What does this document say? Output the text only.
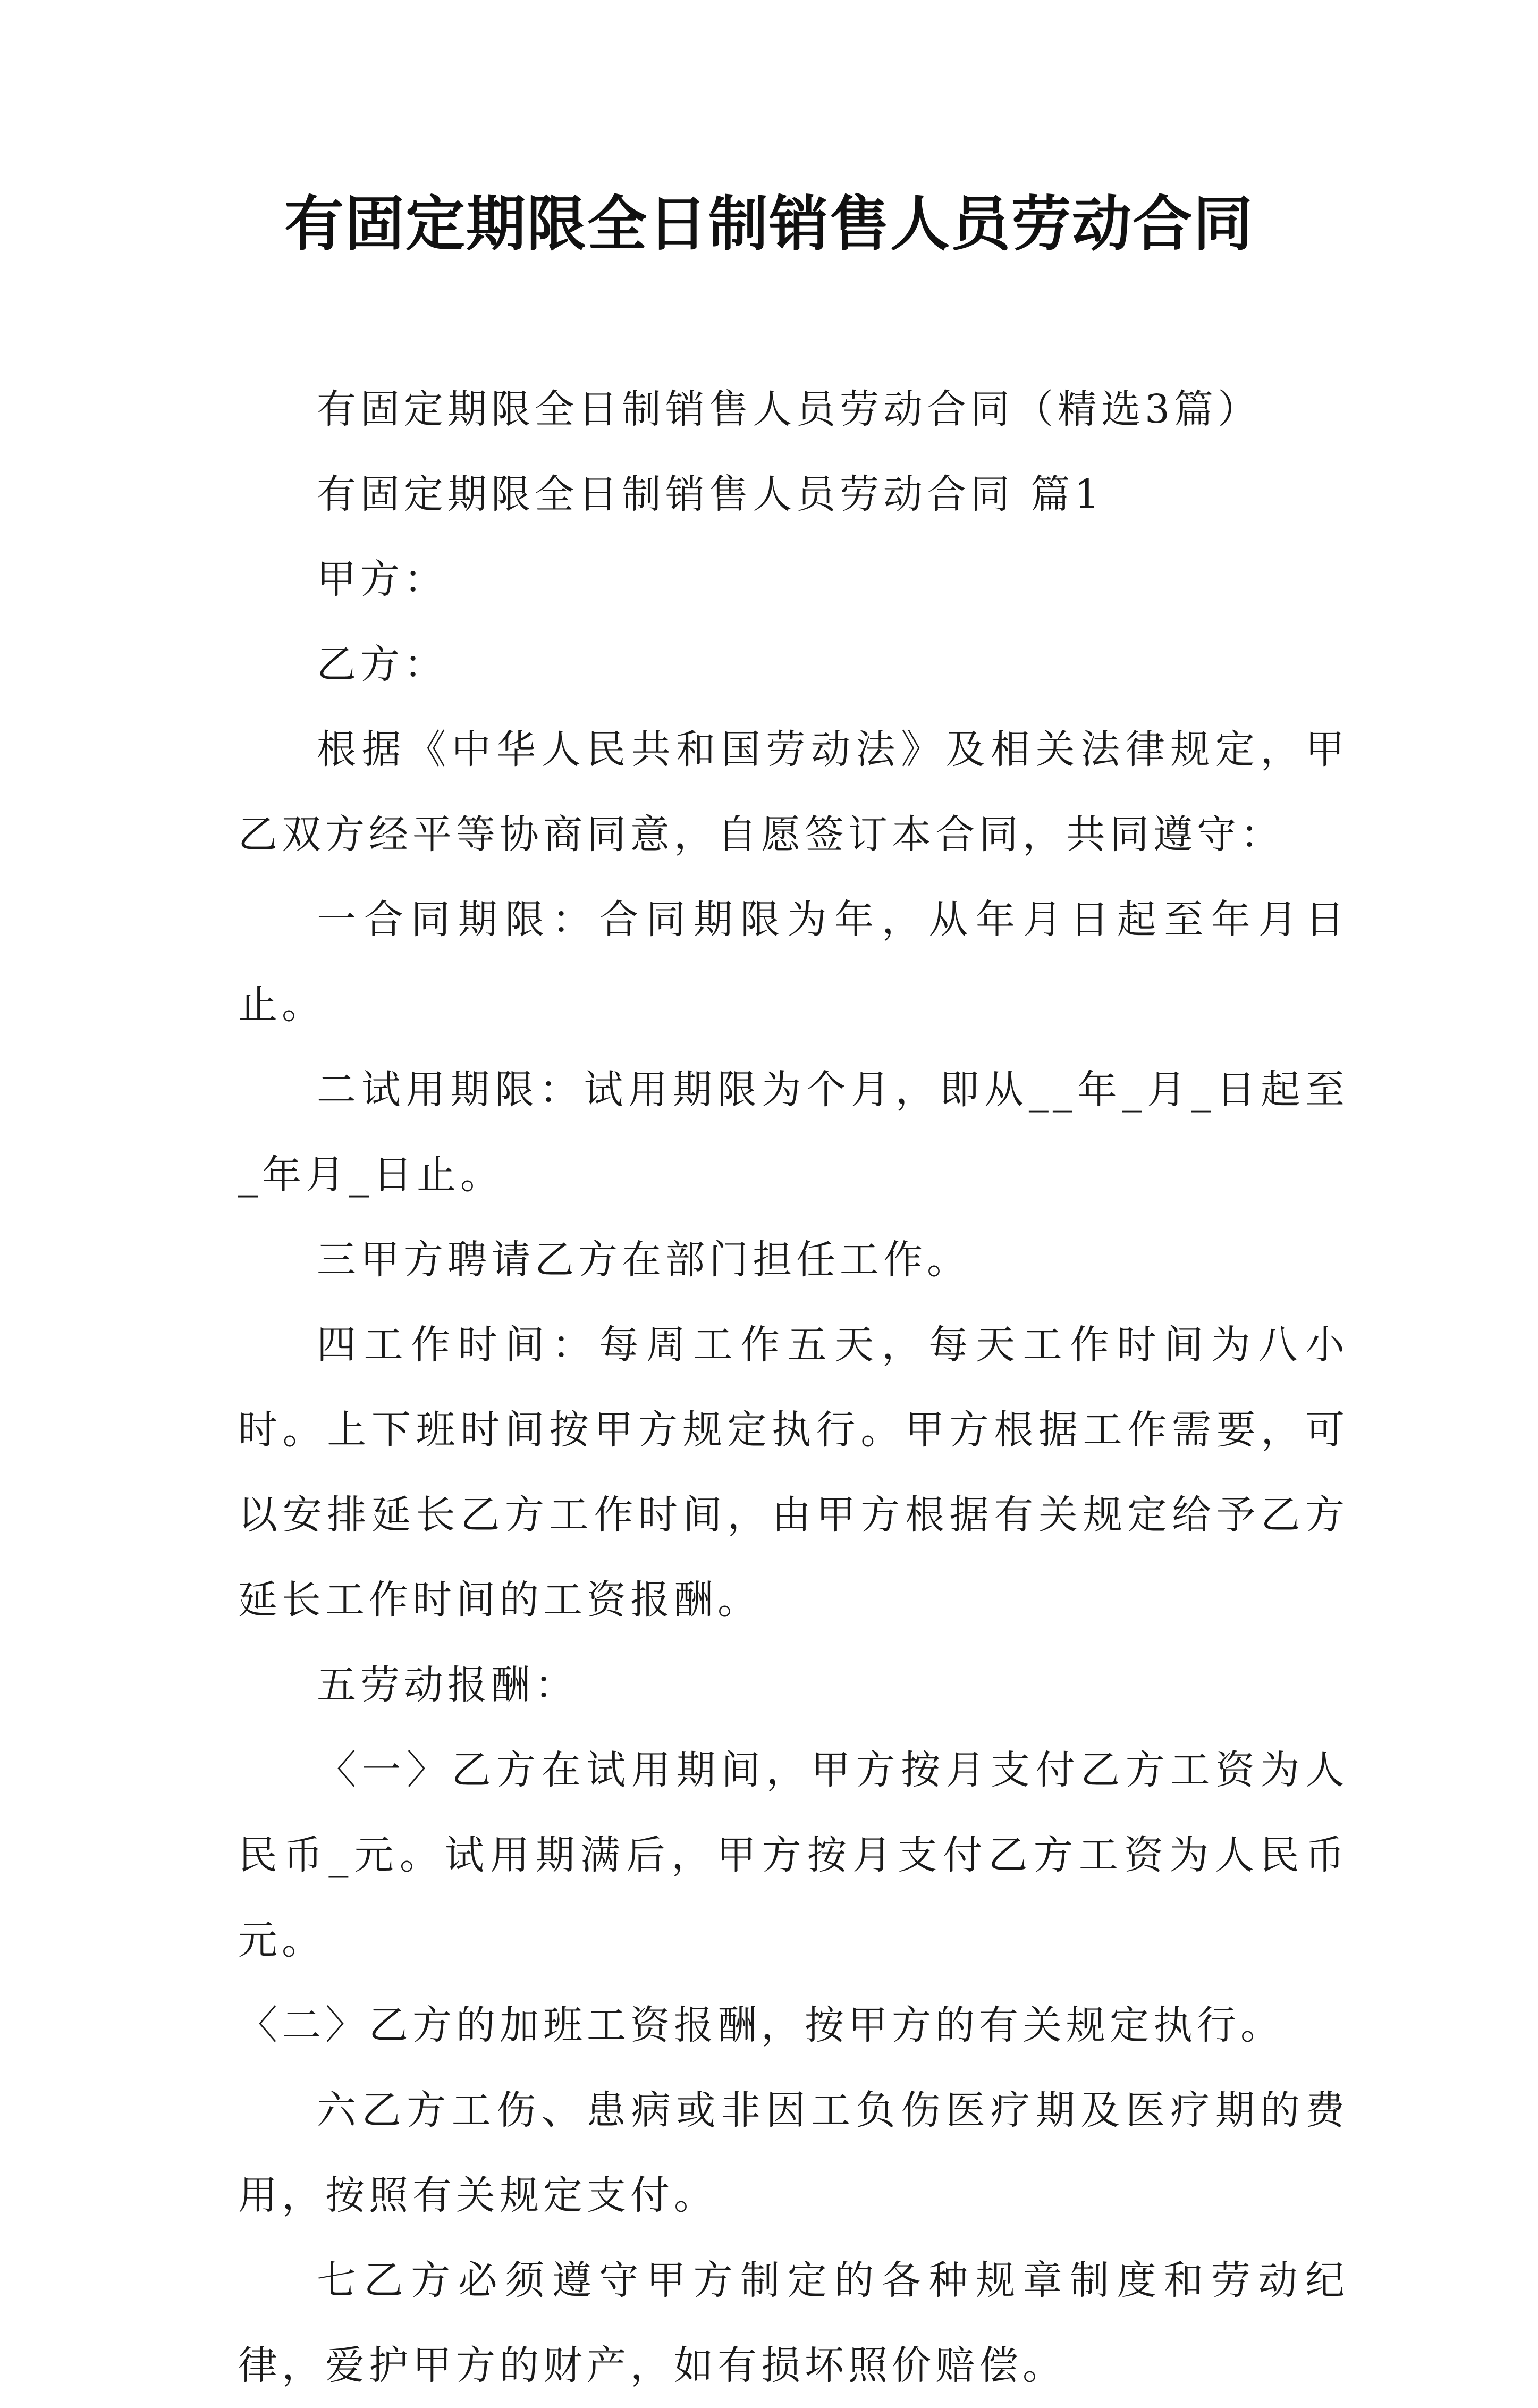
有固定期限全日制销售人员劳动合同

有固定期限全日制销售人员劳动合同（精选3篇）

有固定期限全日制销售人员劳动合同 篇1

甲方：

乙方：

根据《中华人民共和国劳动法》及相关法律规定，甲乙双方经平等协商同意，自愿签订本合同，共同遵守：

一合同期限：合同期限为年，从年月日起至年月日止。

二试用期限：试用期限为个月，即从__年_月_日起至_年月_日止。

三甲方聘请乙方在部门担任工作。

四工作时间：每周工作五天，每天工作时间为八小时。上下班时间按甲方规定执行。甲方根据工作需要，可以安排延长乙方工作时间，由甲方根据有关规定给予乙方延长工作时间的工资报酬。

五劳动报酬：

〈一〉乙方在试用期间，甲方按月支付乙方工资为人民币_元。试用期满后，甲方按月支付乙方工资为人民币元。

〈二〉乙方的加班工资报酬，按甲方的有关规定执行。

六乙方工伤、患病或非因工负伤医疗期及医疗期的费用，按照有关规定支付。

七乙方必须遵守甲方制定的各种规章制度和劳动纪律，爱护甲方的财产，如有损坏照价赔偿。
